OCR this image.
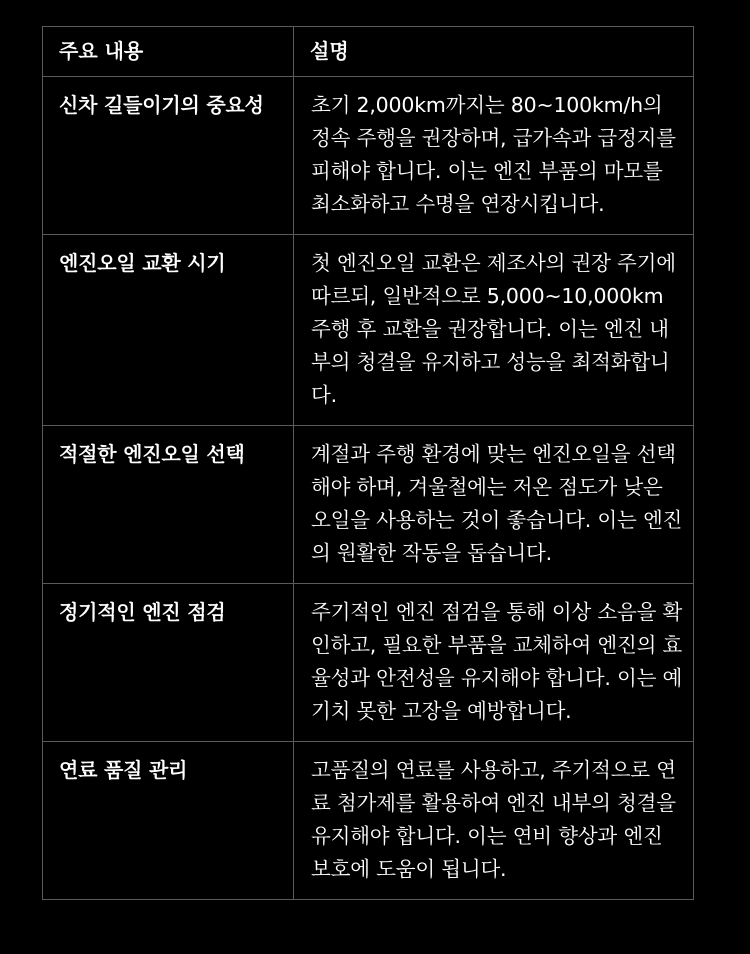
주요 내용	설명
신차 길들이기의 중요성	초기 2,000km까지는 80~100km/h의 정속 주행을 권장하며, 급가속과 급정지를 피해야 합니다. 이는 엔진 부품의 마모를 최소화하고 수명을 연장시킵니다.
엔진오일 교환 시기	첫 엔진오일 교환은 제조사의 권장 주기에 따르되, 일반적으로 5,000~10,000km 주행 후 교환을 권장합니다. 이는 엔진 내부의 청결을 유지하고 성능을 최적화합니다.
적절한 엔진오일 선택	계절과 주행 환경에 맞는 엔진오일을 선택해야 하며, 겨울철에는 저온 점도가 낮은 오일을 사용하는 것이 좋습니다. 이는 엔진의 원활한 작동을 돕습니다.
정기적인 엔진 점검	주기적인 엔진 점검을 통해 이상 소음을 확인하고, 필요한 부품을 교체하여 엔진의 효율성과 안전성을 유지해야 합니다. 이는 예기치 못한 고장을 예방합니다.
연료 품질 관리	고품질의 연료를 사용하고, 주기적으로 연료 첨가제를 활용하여 엔진 내부의 청결을 유지해야 합니다. 이는 연비 향상과 엔진 보호에 도움이 됩니다.
